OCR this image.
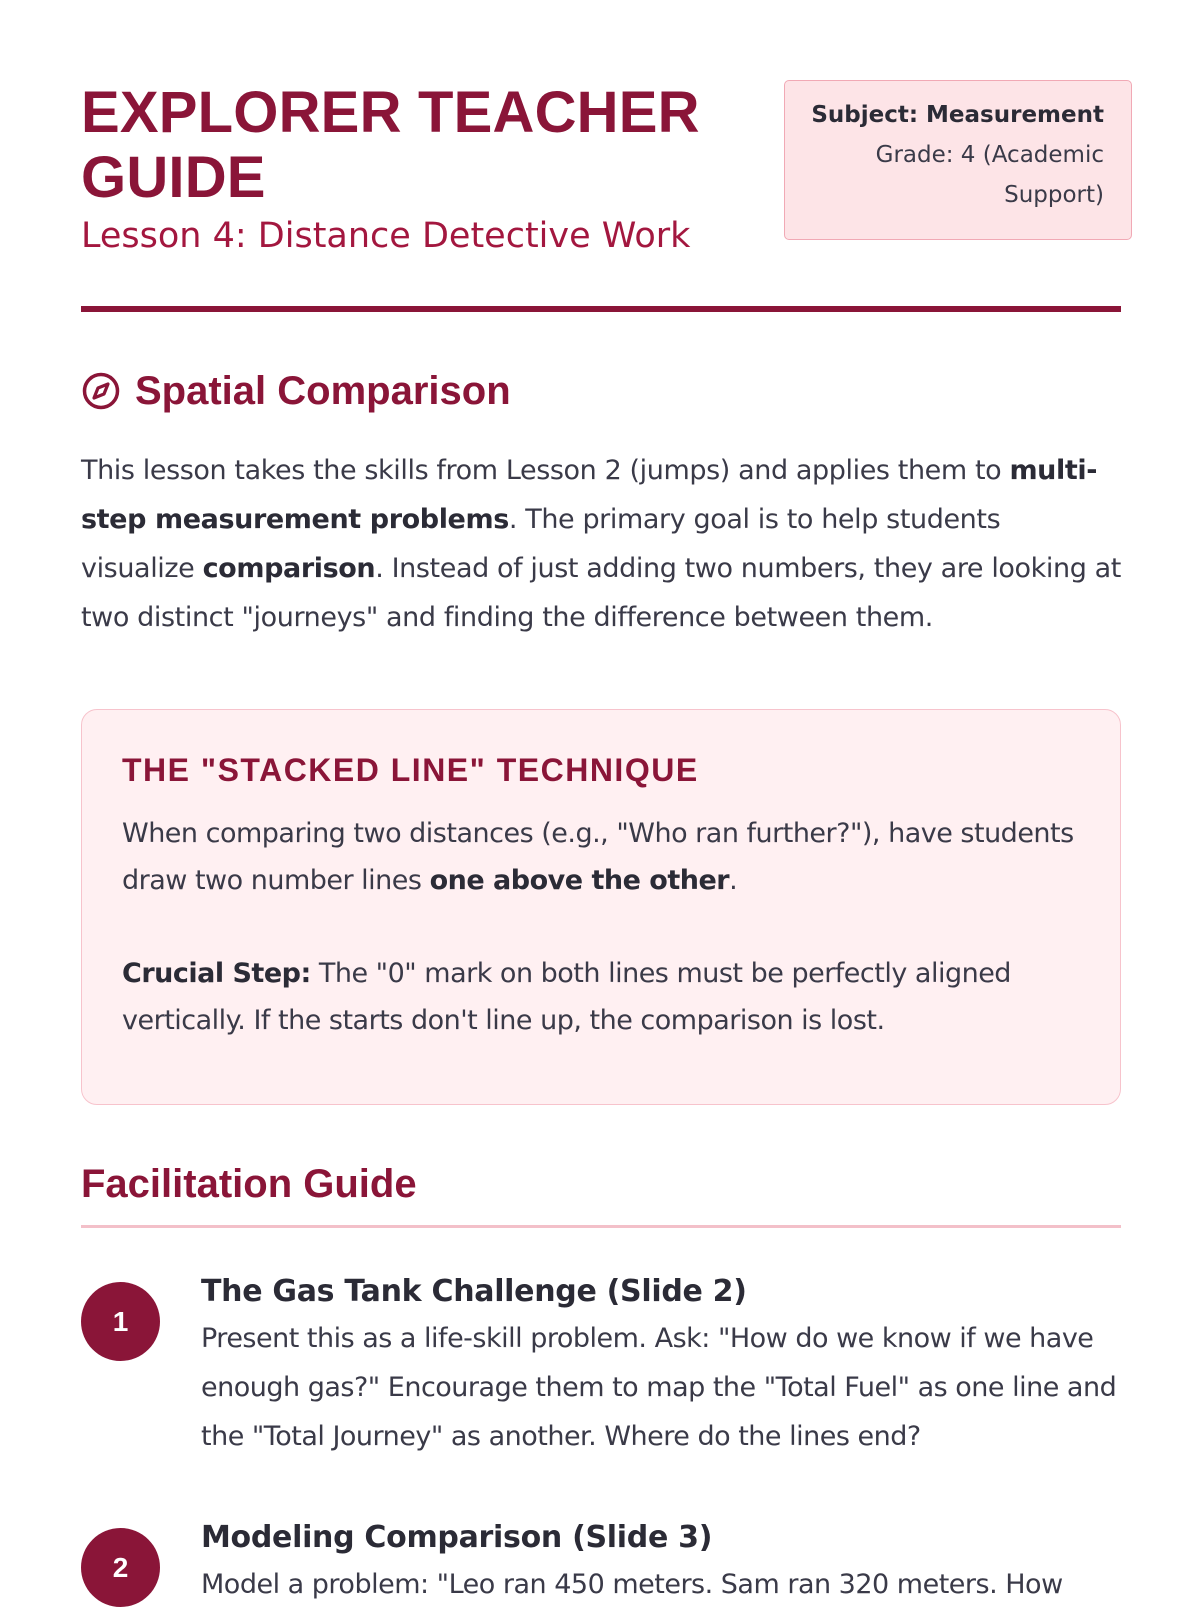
EXPLORER TEACHER GUIDE
Lesson 4: Distance Detective Work
Subject: Measurement
Grade: 4 (Academic Support)
Spatial Comparison

This lesson takes the skills from Lesson 2 (jumps) and applies them to multi-step measurement problems. The primary goal is to help students visualize comparison. Instead of just adding two numbers, they are looking at two distinct "journeys" and finding the difference between them.

THE "STACKED LINE" TECHNIQUE

When comparing two distances (e.g., "Who ran further?"), have students draw two number lines one above the other.

Crucial Step: The "0" mark on both lines must be perfectly aligned vertically. If the starts don't line up, the comparison is lost.

Facilitation Guide
1
The Gas Tank Challenge (Slide 2)

Present this as a life-skill problem. Ask: "How do we know if we have enough gas?" Encourage them to map the "Total Fuel" as one line and the "Total Journey" as another. Where do the lines end?

2
Modeling Comparison (Slide 3)

Model a problem: "Leo ran 450 meters. Sam ran 320 meters. How
